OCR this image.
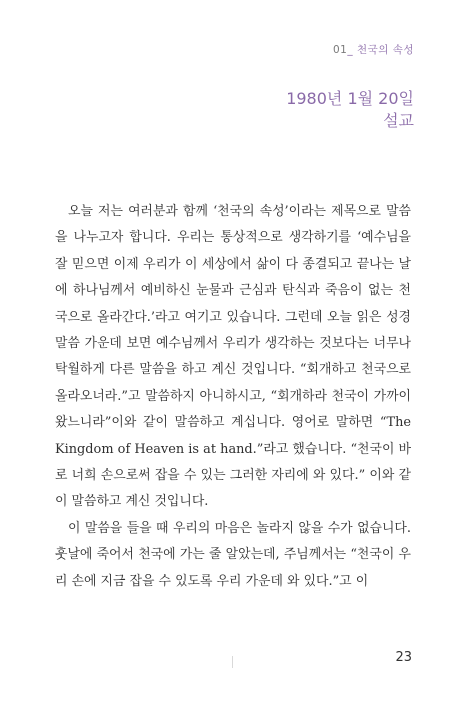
01_ 천국의 속성
1980년 1월 20일
설교

오늘 저는 여러분과 함께 ‘천국의 속성’이라는 제목으로 말씀을 나누고자 합니다. 우리는 통상적으로 생각하기를 ‘예수님을 잘 믿으면 이제 우리가 이 세상에서 삶이 다 종결되고 끝나는 날에 하나님께서 예비하신 눈물과 근심과 탄식과 죽음이 없는 천국으로 올라간다.’라고 여기고 있습니다. 그런데 오늘 읽은 성경 말씀 가운데 보면 예수님께서 우리가 생각하는 것보다는 너무나 탁월하게 다른 말씀을 하고 계신 것입니다. “회개하고 천국으로 올라오너라.”고 말씀하지 아니하시고, “회개하라 천국이 가까이 왔느니라”이와 같이 말씀하고 계십니다. 영어로 말하면 “The Kingdom of Heaven is at hand.”라고 했습니다. “천국이 바로 너희 손으로써 잡을 수 있는 그러한 자리에 와 있다.” 이와 같이 말씀하고 계신 것입니다.

이 말씀을 들을 때 우리의 마음은 놀라지 않을 수가 없습니다. 훗날에 죽어서 천국에 가는 줄 알았는데, 주님께서는 “천국이 우리 손에 지금 잡을 수 있도록 우리 가운데 와 있다.”고 이

23
